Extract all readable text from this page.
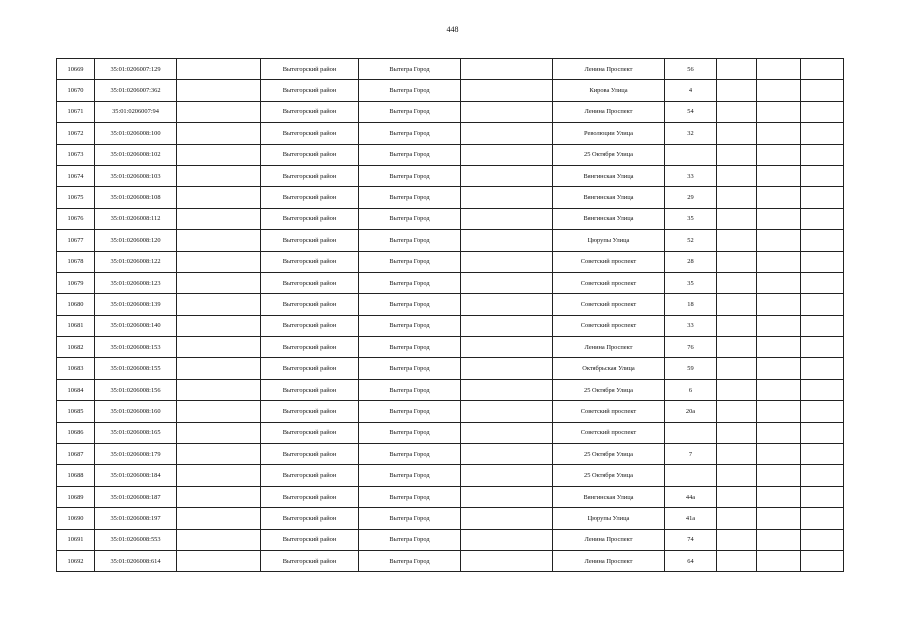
448
10669	35:01:0206007:129		Вытегорский район	Вытегра Город		Ленина Проспект	56			
10670	35:01:0206007:362		Вытегорский район	Вытегра Город		Кирова Улица	4			
10671	35:01:0206007:94		Вытегорский район	Вытегра Город		Ленина Проспект	54			
10672	35:01:0206008:100		Вытегорский район	Вытегра Город		Революции Улица	32			
10673	35:01:0206008:102		Вытегорский район	Вытегра Город		25 Октября Улица				
10674	35:01:0206008:103		Вытегорский район	Вытегра Город		Вянгинская Улица	33			
10675	35:01:0206008:108		Вытегорский район	Вытегра Город		Вянгинская Улица	29			
10676	35:01:0206008:112		Вытегорский район	Вытегра Город		Вянгинская Улица	35			
10677	35:01:0206008:120		Вытегорский район	Вытегра Город		Цюрупы Улица	52			
10678	35:01:0206008:122		Вытегорский район	Вытегра Город		Советский проспект	28			
10679	35:01:0206008:123		Вытегорский район	Вытегра Город		Советский проспект	35			
10680	35:01:0206008:139		Вытегорский район	Вытегра Город		Советский проспект	18			
10681	35:01:0206008:140		Вытегорский район	Вытегра Город		Советский проспект	33			
10682	35:01:0206008:153		Вытегорский район	Вытегра Город		Ленина Проспект	76			
10683	35:01:0206008:155		Вытегорский район	Вытегра Город		Октябрьская Улица	59			
10684	35:01:0206008:156		Вытегорский район	Вытегра Город		25 Октября Улица	6			
10685	35:01:0206008:160		Вытегорский район	Вытегра Город		Советский проспект	20а			
10686	35:01:0206008:165		Вытегорский район	Вытегра Город		Советский проспект				
10687	35:01:0206008:179		Вытегорский район	Вытегра Город		25 Октября Улица	7			
10688	35:01:0206008:184		Вытегорский район	Вытегра Город		25 Октября Улица				
10689	35:01:0206008:187		Вытегорский район	Вытегра Город		Вянгинская Улица	44а			
10690	35:01:0206008:197		Вытегорский район	Вытегра Город		Цюрупы Улица	41а			
10691	35:01:0206008:553		Вытегорский район	Вытегра Город		Ленина Проспект	74			
10692	35:01:0206008:614		Вытегорский район	Вытегра Город		Ленина Проспект	64			
